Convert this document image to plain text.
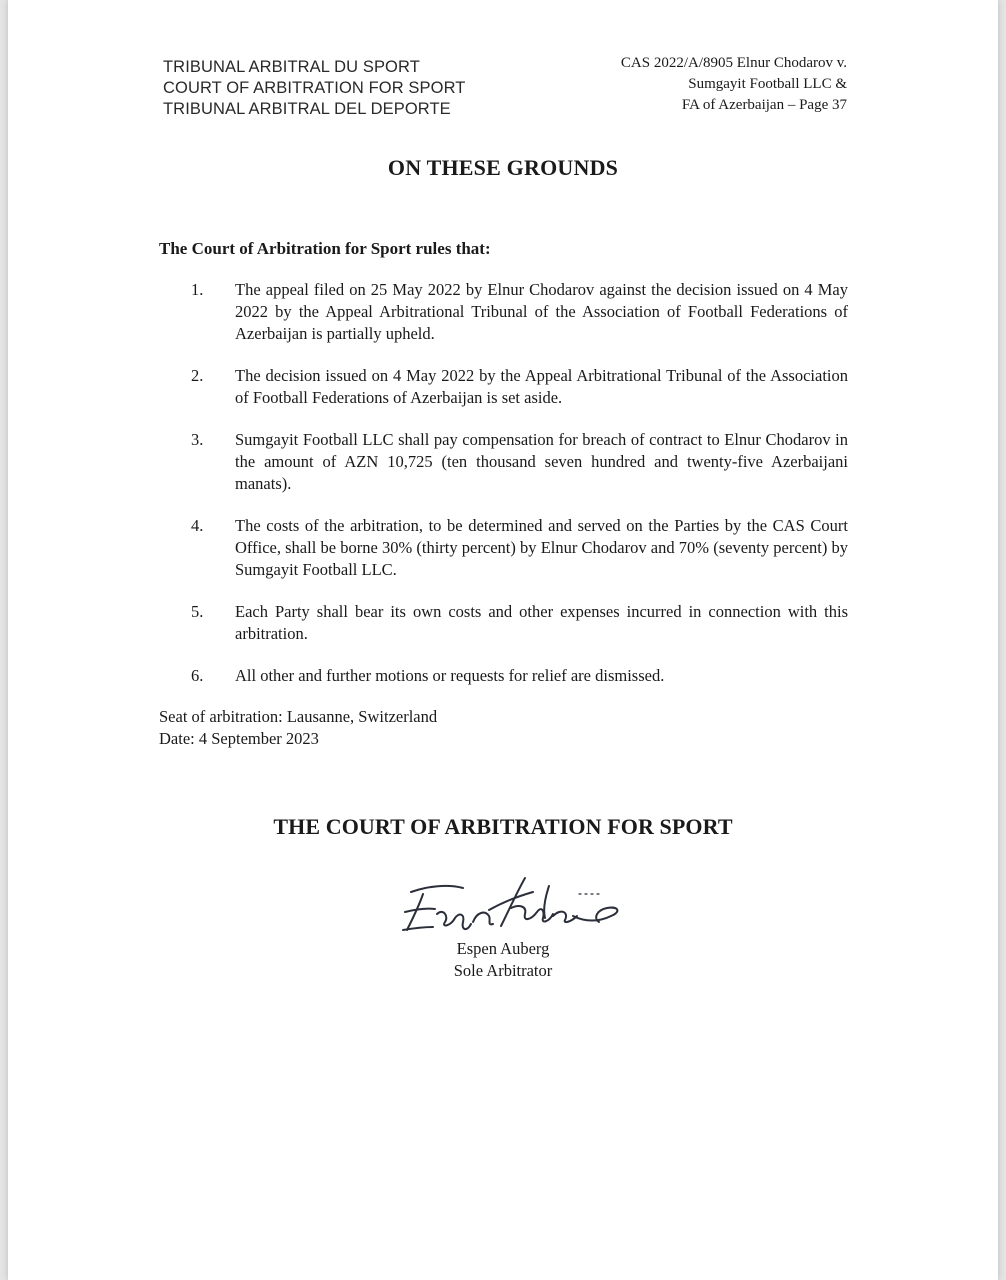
TRIBUNAL ARBITRAL DU SPORT
COURT OF ARBITRATION FOR SPORT
TRIBUNAL ARBITRAL DEL DEPORTE
CAS 2022/A/8905 Elnur Chodarov v.
Sumgayit Football LLC &
FA of Azerbaijan – Page 37
ON THESE GROUNDS
The Court of Arbitration for Sport rules that:
1. The appeal filed on 25 May 2022 by Elnur Chodarov against the decision issued on 4 May 2022 by the Appeal Arbitrational Tribunal of the Association of Football Federations of Azerbaijan is partially upheld.
2. The decision issued on 4 May 2022 by the Appeal Arbitrational Tribunal of the Association of Football Federations of Azerbaijan is set aside.
3. Sumgayit Football LLC shall pay compensation for breach of contract to Elnur Chodarov in the amount of AZN 10,725 (ten thousand seven hundred and twenty-five Azerbaijani manats).
4. The costs of the arbitration, to be determined and served on the Parties by the CAS Court Office, shall be borne 30% (thirty percent) by Elnur Chodarov and 70% (seventy percent) by Sumgayit Football LLC.
5. Each Party shall bear its own costs and other expenses incurred in connection with this arbitration.
6. All other and further motions or requests for relief are dismissed.
Seat of arbitration: Lausanne, Switzerland
Date: 4 September 2023
THE COURT OF ARBITRATION FOR SPORT
Espen Auberg
Sole Arbitrator
